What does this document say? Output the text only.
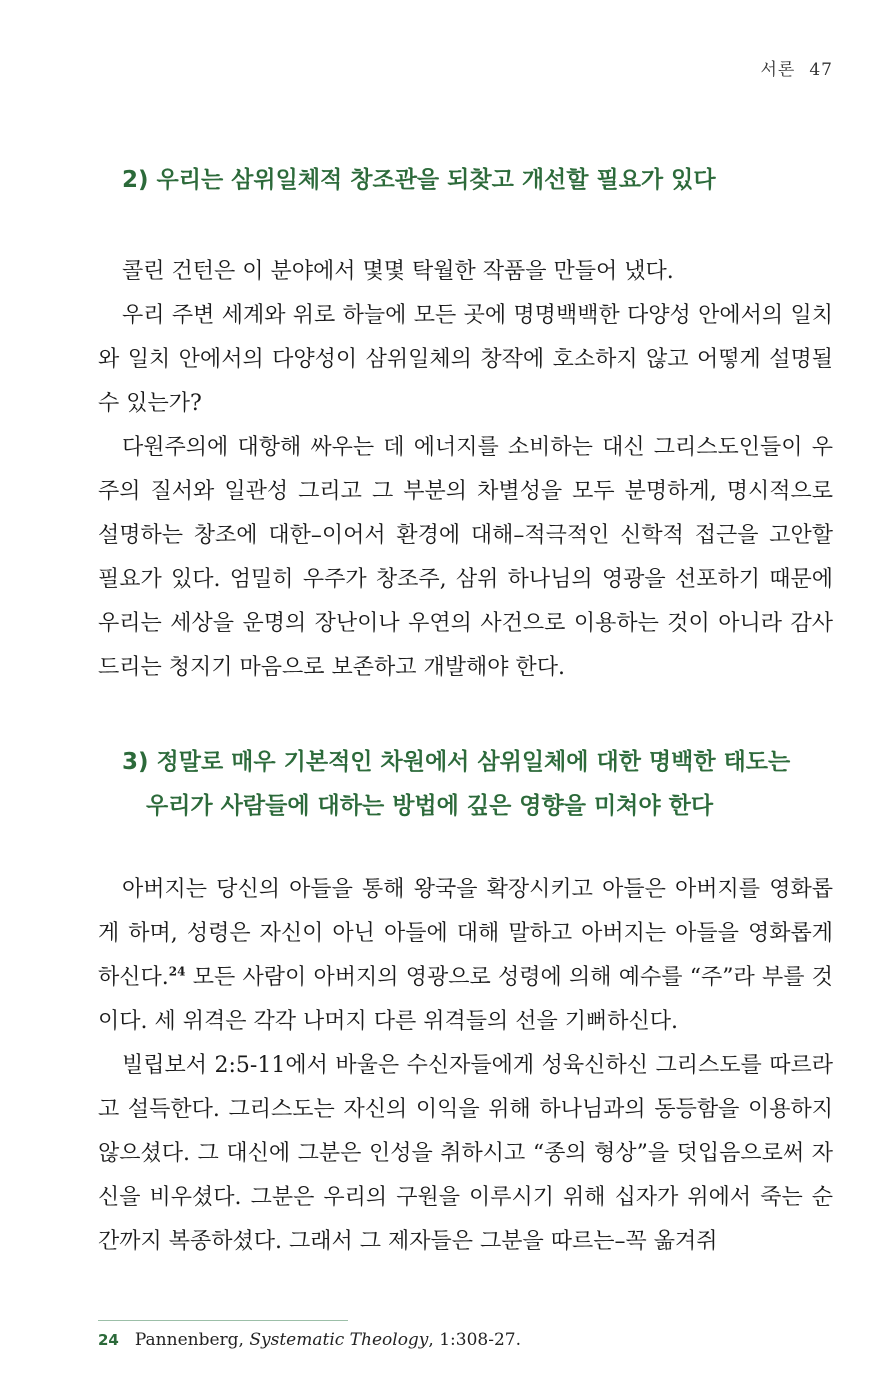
서론 47
2) 우리는 삼위일체적 창조관을 되찾고 개선할 필요가 있다

콜린 건턴은 이 분야에서 몇몇 탁월한 작품을 만들어 냈다.

우리 주변 세계와 위로 하늘에 모든 곳에 명명백백한 다양성 안에서의 일치와 일치 안에서의 다양성이 삼위일체의 창작에 호소하지 않고 어떻게 설명될 수 있는가?

다원주의에 대항해 싸우는 데 에너지를 소비하는 대신 그리스도인들이 우주의 질서와 일관성 그리고 그 부분의 차별성을 모두 분명하게, 명시적으로 설명하는 창조에 대한–이어서 환경에 대해–적극적인 신학적 접근을 고안할 필요가 있다. 엄밀히 우주가 창조주, 삼위 하나님의 영광을 선포하기 때문에 우리는 세상을 운명의 장난이나 우연의 사건으로 이용하는 것이 아니라 감사드리는 청지기 마음으로 보존하고 개발해야 한다.

3) 정말로 매우 기본적인 차원에서 삼위일체에 대한 명백한 태도는
우리가 사람들에 대하는 방법에 깊은 영향을 미쳐야 한다

아버지는 당신의 아들을 통해 왕국을 확장시키고 아들은 아버지를 영화롭게 하며, 성령은 자신이 아닌 아들에 대해 말하고 아버지는 아들을 영화롭게 하신다.$^{24}$ 모든 사람이 아버지의 영광으로 성령에 의해 예수를 “주”라 부를 것이다. 세 위격은 각각 나머지 다른 위격들의 선을 기뻐하신다.

빌립보서 2:5-11에서 바울은 수신자들에게 성육신하신 그리스도를 따르라고 설득한다. 그리스도는 자신의 이익을 위해 하나님과의 동등함을 이용하지 않으셨다. 그 대신에 그분은 인성을 취하시고 “종의 형상”을 덧입음으로써 자신을 비우셨다. 그분은 우리의 구원을 이루시기 위해 십자가 위에서 죽는 순간까지 복종하셨다. 그래서 그 제자들은 그분을 따르는–꼭 옮겨쥐

24 Pannenberg, Systematic Theology, 1:308-27.
